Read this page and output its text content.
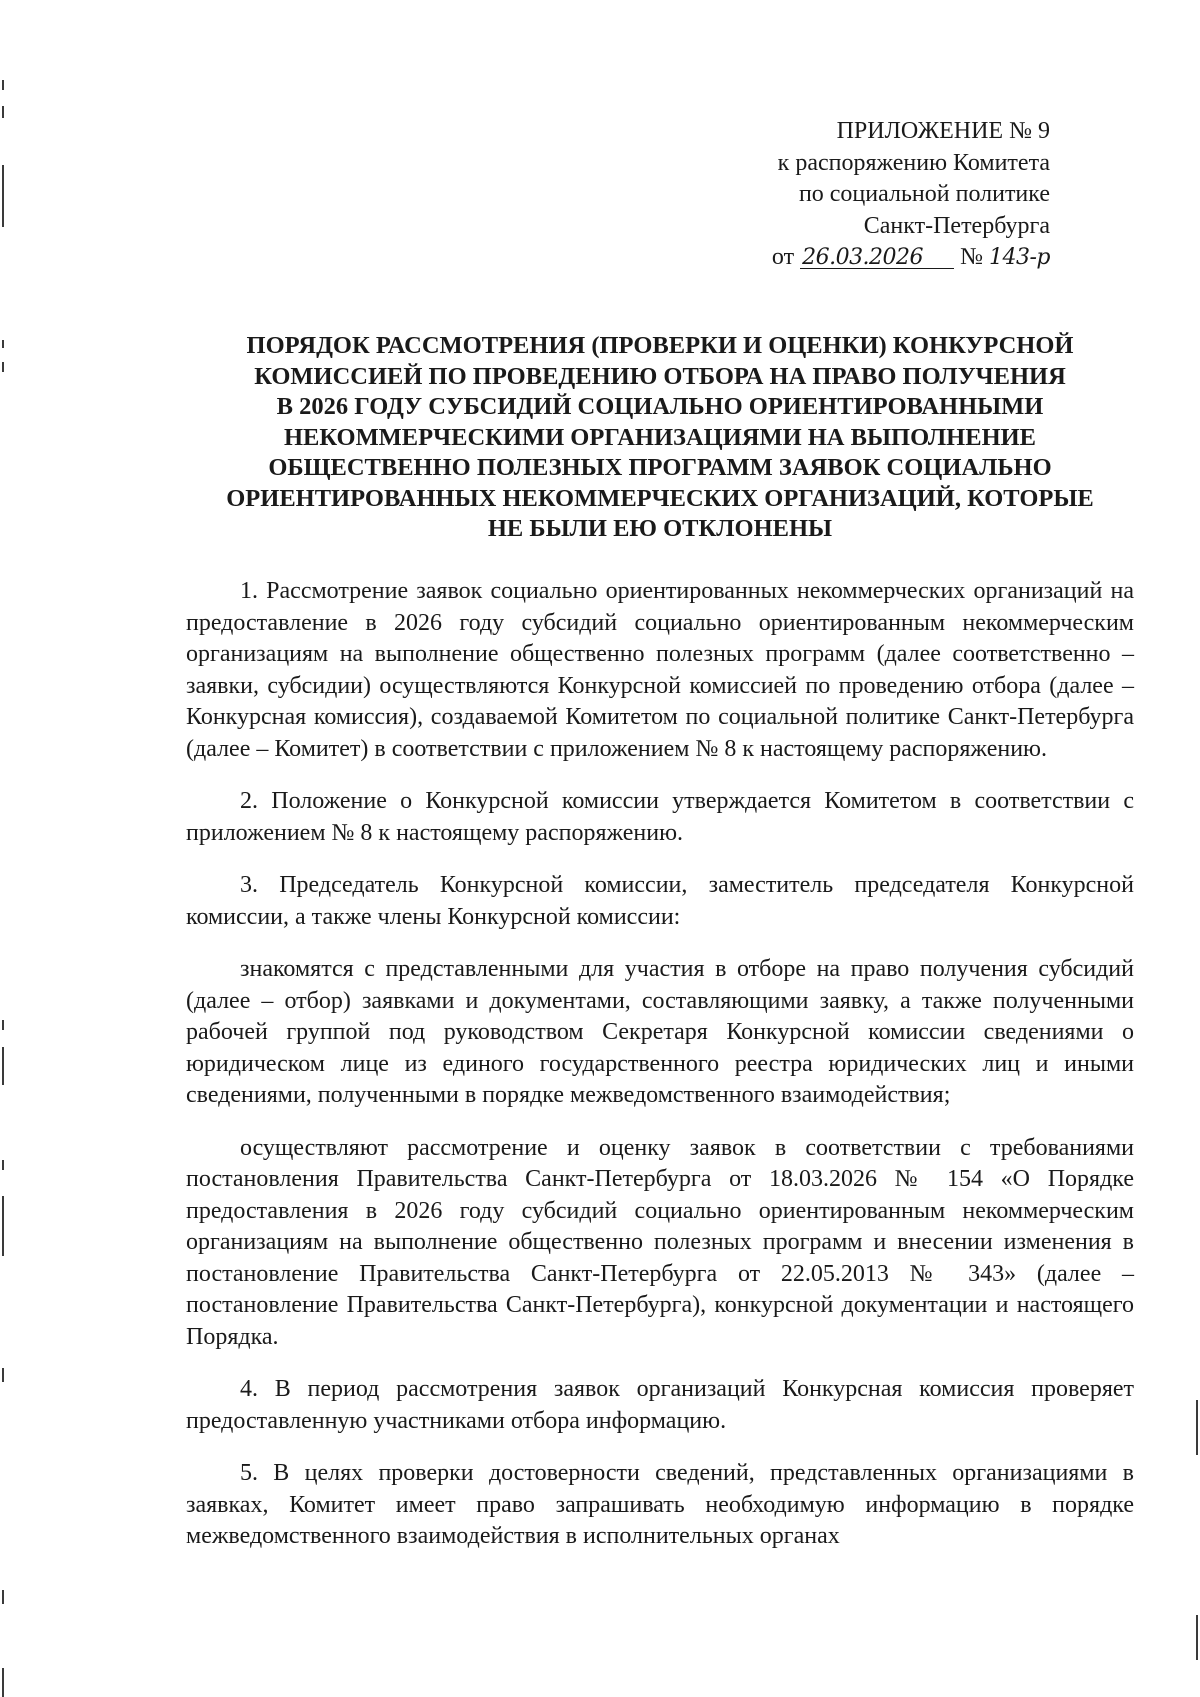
ПРИЛОЖЕНИЕ № 9
к распоряжению Комитета
по социальной политике
Санкт-Петербурга
от 26.03.2026 № 143-р
ПОРЯДОК РАССМОТРЕНИЯ (ПРОВЕРКИ И ОЦЕНКИ) КОНКУРСНОЙ
КОМИССИЕЙ ПО ПРОВЕДЕНИЮ ОТБОРА НА ПРАВО ПОЛУЧЕНИЯ
В 2026 ГОДУ СУБСИДИЙ СОЦИАЛЬНО ОРИЕНТИРОВАННЫМИ
НЕКОММЕРЧЕСКИМИ ОРГАНИЗАЦИЯМИ НА ВЫПОЛНЕНИЕ
ОБЩЕСТВЕННО ПОЛЕЗНЫХ ПРОГРАММ ЗАЯВОК СОЦИАЛЬНО
ОРИЕНТИРОВАННЫХ НЕКОММЕРЧЕСКИХ ОРГАНИЗАЦИЙ, КОТОРЫЕ
НЕ БЫЛИ ЕЮ ОТКЛОНЕНЫ

1. Рассмотрение заявок социально ориентированных некоммерческих организаций на предоставление в 2026 году субсидий социально ориентированным некоммерческим организациям на выполнение общественно полезных программ (далее соответственно – заявки, субсидии) осуществляются Конкурсной комиссией по проведению отбора (далее – Конкурсная комиссия), создаваемой Комитетом по социальной политике Санкт-Петербурга (далее – Комитет) в соответствии с приложением № 8 к настоящему распоряжению.

2. Положение о Конкурсной комиссии утверждается Комитетом в соответствии с приложением № 8 к настоящему распоряжению.

3. Председатель Конкурсной комиссии, заместитель председателя Конкурсной комиссии, а также члены Конкурсной комиссии:

знакомятся с представленными для участия в отборе на право получения субсидий (далее – отбор) заявками и документами, составляющими заявку, а также полученными рабочей группой под руководством Секретаря Конкурсной комиссии сведениями о юридическом лице из единого государственного реестра юридических лиц и иными сведениями, полученными в порядке межведомственного взаимодействия;

осуществляют рассмотрение и оценку заявок в соответствии с требованиями постановления Правительства Санкт-Петербурга от 18.03.2026 № 154 «О Порядке предоставления в 2026 году субсидий социально ориентированным некоммерческим организациям на выполнение общественно полезных программ и внесении изменения в постановление Правительства Санкт-Петербурга от 22.05.2013 № 343» (далее – постановление Правительства Санкт-Петербурга), конкурсной документации и настоящего Порядка.

4. В период рассмотрения заявок организаций Конкурсная комиссия проверяет предоставленную участниками отбора информацию.

5. В целях проверки достоверности сведений, представленных организациями в заявках, Комитет имеет право запрашивать необходимую информацию в порядке межведомственного взаимодействия в исполнительных органах
